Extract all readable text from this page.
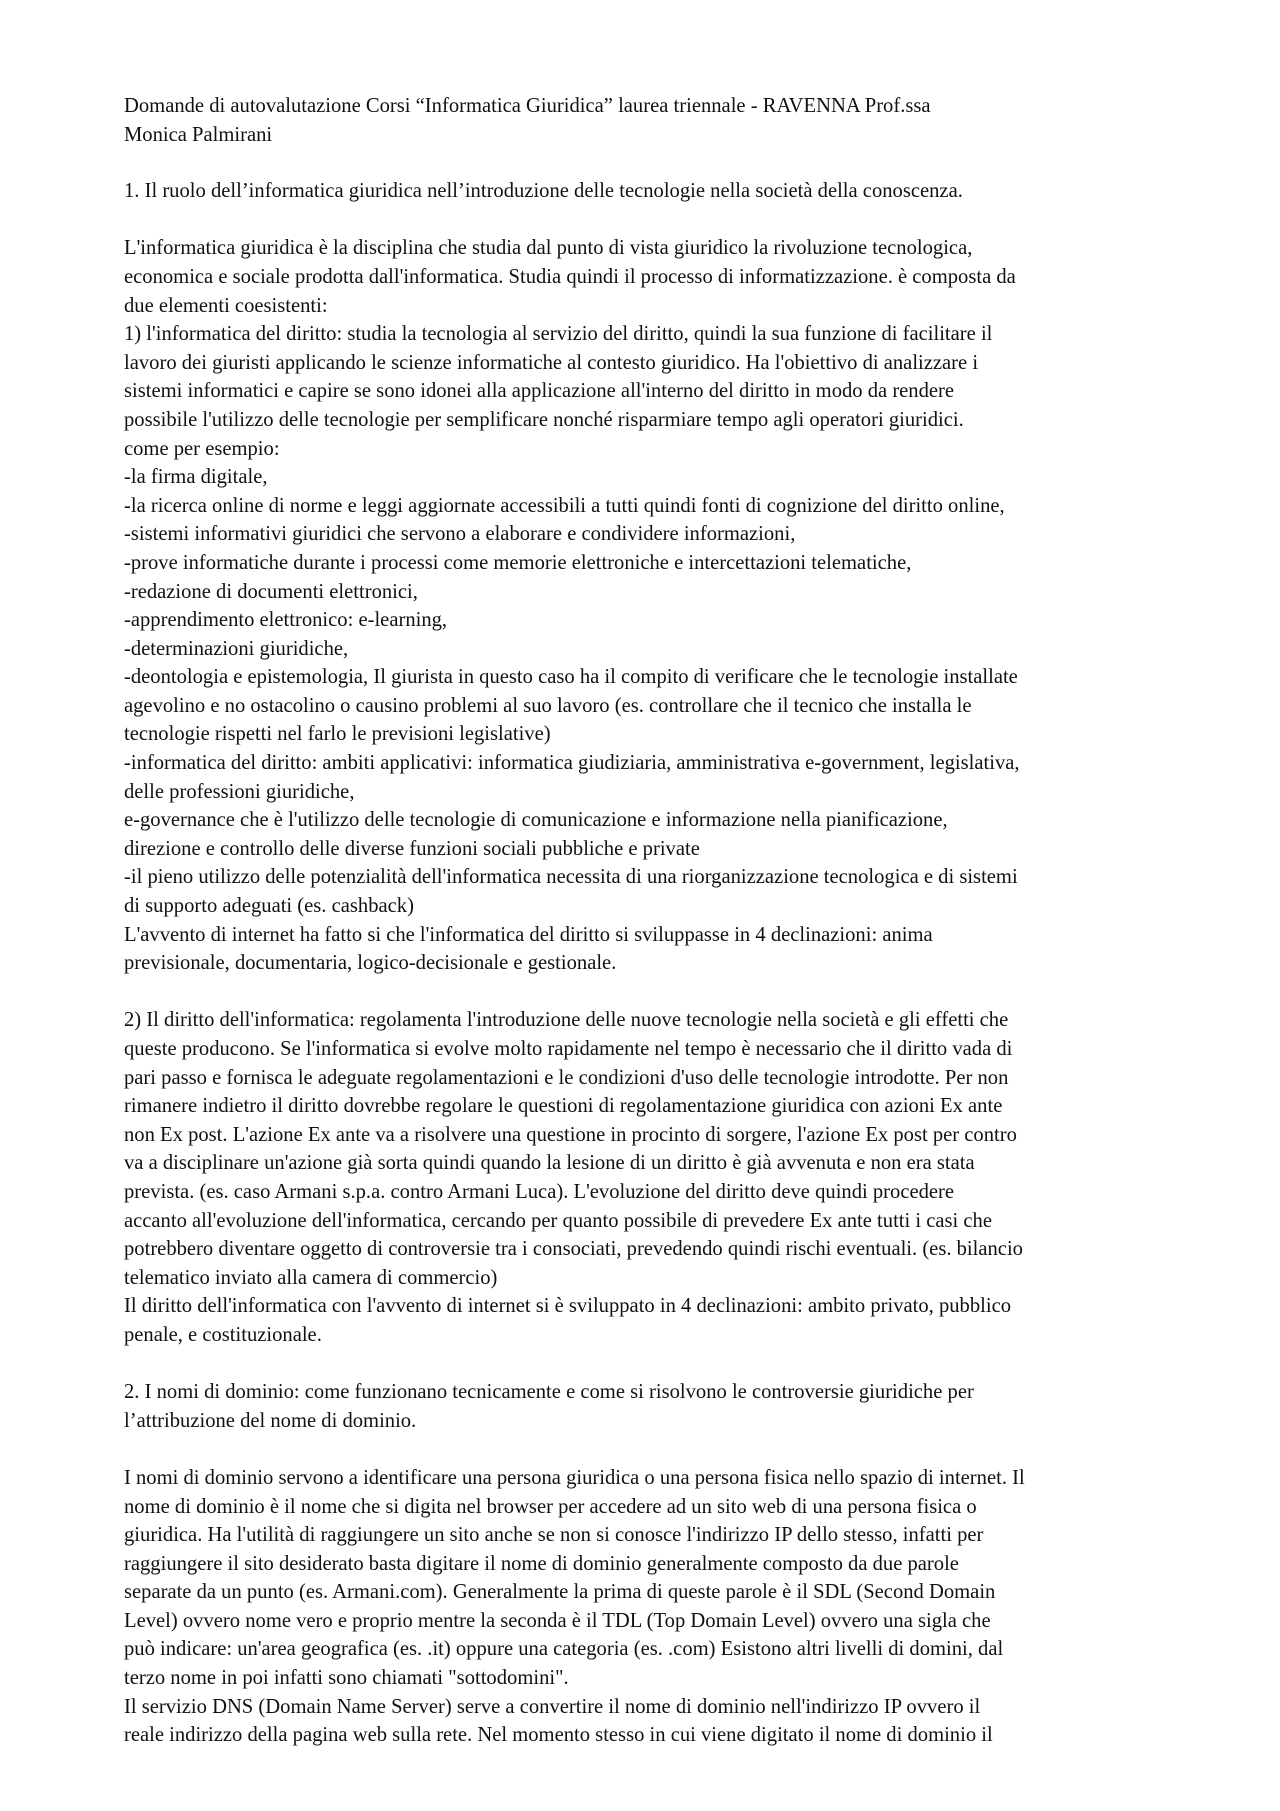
Domande di autovalutazione Corsi “Informatica Giuridica” laurea triennale - RAVENNA Prof.ssa
Monica Palmirani

1. Il ruolo dell’informatica giuridica nell’introduzione delle tecnologie nella società della conoscenza.

L'informatica giuridica è la disciplina che studia dal punto di vista giuridico la rivoluzione tecnologica,
economica e sociale prodotta dall'informatica. Studia quindi il processo di informatizzazione. è composta da
due elementi coesistenti:
1) l'informatica del diritto: studia la tecnologia al servizio del diritto, quindi la sua funzione di facilitare il
lavoro dei giuristi applicando le scienze informatiche al contesto giuridico. Ha l'obiettivo di analizzare i
sistemi informatici e capire se sono idonei alla applicazione all'interno del diritto in modo da rendere
possibile l'utilizzo delle tecnologie per semplificare nonché risparmiare tempo agli operatori giuridici.
come per esempio:

-la firma digitale,

-la ricerca online di norme e leggi aggiornate accessibili a tutti quindi fonti di cognizione del diritto online,

-sistemi informativi giuridici che servono a elaborare e condividere informazioni,

-prove informatiche durante i processi come memorie elettroniche e intercettazioni telematiche,

-redazione di documenti elettronici,

-apprendimento elettronico: e-learning,

-determinazioni giuridiche,

-deontologia e epistemologia, Il giurista in questo caso ha il compito di verificare che le tecnologie installate
agevolino e no ostacolino o causino problemi al suo lavoro (es. controllare che il tecnico che installa le
tecnologie rispetti nel farlo le previsioni legislative)

-informatica del diritto: ambiti applicativi: informatica giudiziaria, amministrativa e-government, legislativa,
delle professioni giuridiche,
e-governance che è l'utilizzo delle tecnologie di comunicazione e informazione nella pianificazione,
direzione e controllo delle diverse funzioni sociali pubbliche e private

-il pieno utilizzo delle potenzialità dell'informatica necessita di una riorganizzazione tecnologica e di sistemi
di supporto adeguati (es. cashback)

L'avvento di internet ha fatto si che l'informatica del diritto si sviluppasse in 4 declinazioni: anima
previsionale, documentaria, logico-decisionale e gestionale.

2) Il diritto dell'informatica: regolamenta l'introduzione delle nuove tecnologie nella società e gli effetti che
queste producono. Se l'informatica si evolve molto rapidamente nel tempo è necessario che il diritto vada di
pari passo e fornisca le adeguate regolamentazioni e le condizioni d'uso delle tecnologie introdotte. Per non
rimanere indietro il diritto dovrebbe regolare le questioni di regolamentazione giuridica con azioni Ex ante
non Ex post. L'azione Ex ante va a risolvere una questione in procinto di sorgere, l'azione Ex post per contro
va a disciplinare un'azione già sorta quindi quando la lesione di un diritto è già avvenuta e non era stata
prevista. (es. caso Armani s.p.a. contro Armani Luca). L'evoluzione del diritto deve quindi procedere
accanto all'evoluzione dell'informatica, cercando per quanto possibile di prevedere Ex ante tutti i casi che
potrebbero diventare oggetto di controversie tra i consociati, prevedendo quindi rischi eventuali. (es. bilancio
telematico inviato alla camera di commercio)
Il diritto dell'informatica con l'avvento di internet si è sviluppato in 4 declinazioni: ambito privato, pubblico
penale, e costituzionale.

2. I nomi di dominio: come funzionano tecnicamente e come si risolvono le controversie giuridiche per
l’attribuzione del nome di dominio.

I nomi di dominio servono a identificare una persona giuridica o una persona fisica nello spazio di internet. Il
nome di dominio è il nome che si digita nel browser per accedere ad un sito web di una persona fisica o
giuridica. Ha l'utilità di raggiungere un sito anche se non si conosce l'indirizzo IP dello stesso, infatti per
raggiungere il sito desiderato basta digitare il nome di dominio generalmente composto da due parole
separate da un punto (es. Armani.com). Generalmente la prima di queste parole è il SDL (Second Domain
Level) ovvero nome vero e proprio mentre la seconda è il TDL (Top Domain Level) ovvero una sigla che
può indicare: un'area geografica (es. .it) oppure una categoria (es. .com) Esistono altri livelli di domini, dal
terzo nome in poi infatti sono chiamati "sottodomini".
Il servizio DNS (Domain Name Server) serve a convertire il nome di dominio nell'indirizzo IP ovvero il
reale indirizzo della pagina web sulla rete. Nel momento stesso in cui viene digitato il nome di dominio il
